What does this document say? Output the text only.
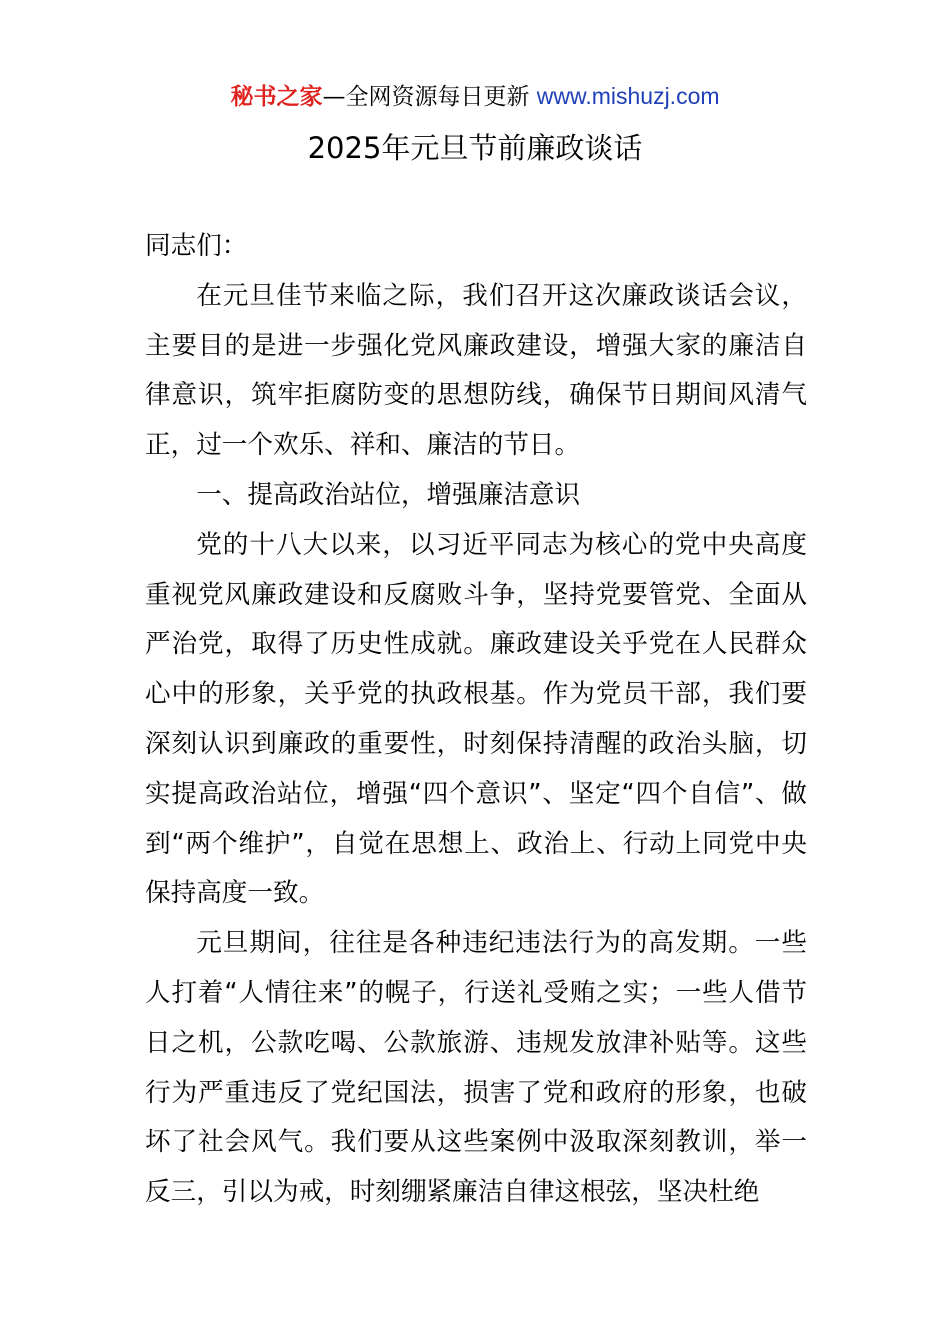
秘书之家—全网资源每日更新 www.mishuzj.com
2025年元旦节前廉政谈话

同志们：

在元旦佳节来临之际，我们召开这次廉政谈话会议，主要目的是进一步强化党风廉政建设，增强大家的廉洁自律意识，筑牢拒腐防变的思想防线，确保节日期间风清气正，过一个欢乐、祥和、廉洁的节日。

一、提高政治站位，增强廉洁意识

党的十八大以来，以习近平同志为核心的党中央高度重视党风廉政建设和反腐败斗争，坚持党要管党、全面从严治党，取得了历史性成就。廉政建设关乎党在人民群众心中的形象，关乎党的执政根基。作为党员干部，我们要深刻认识到廉政的重要性，时刻保持清醒的政治头脑，切实提高政治站位，增强“四个意识”、坚定“四个自信”、做到“两个维护”，自觉在思想上、政治上、行动上同党中央保持高度一致。

元旦期间，往往是各种违纪违法行为的高发期。一些人打着“人情往来”的幌子，行送礼受贿之实；一些人借节日之机，公款吃喝、公款旅游、违规发放津补贴等。这些行为严重违反了党纪国法，损害了党和政府的形象，也破坏了社会风气。我们要从这些案例中汲取深刻教训，举一反三，引以为戒，时刻绷紧廉洁自律这根弦，坚决杜绝
